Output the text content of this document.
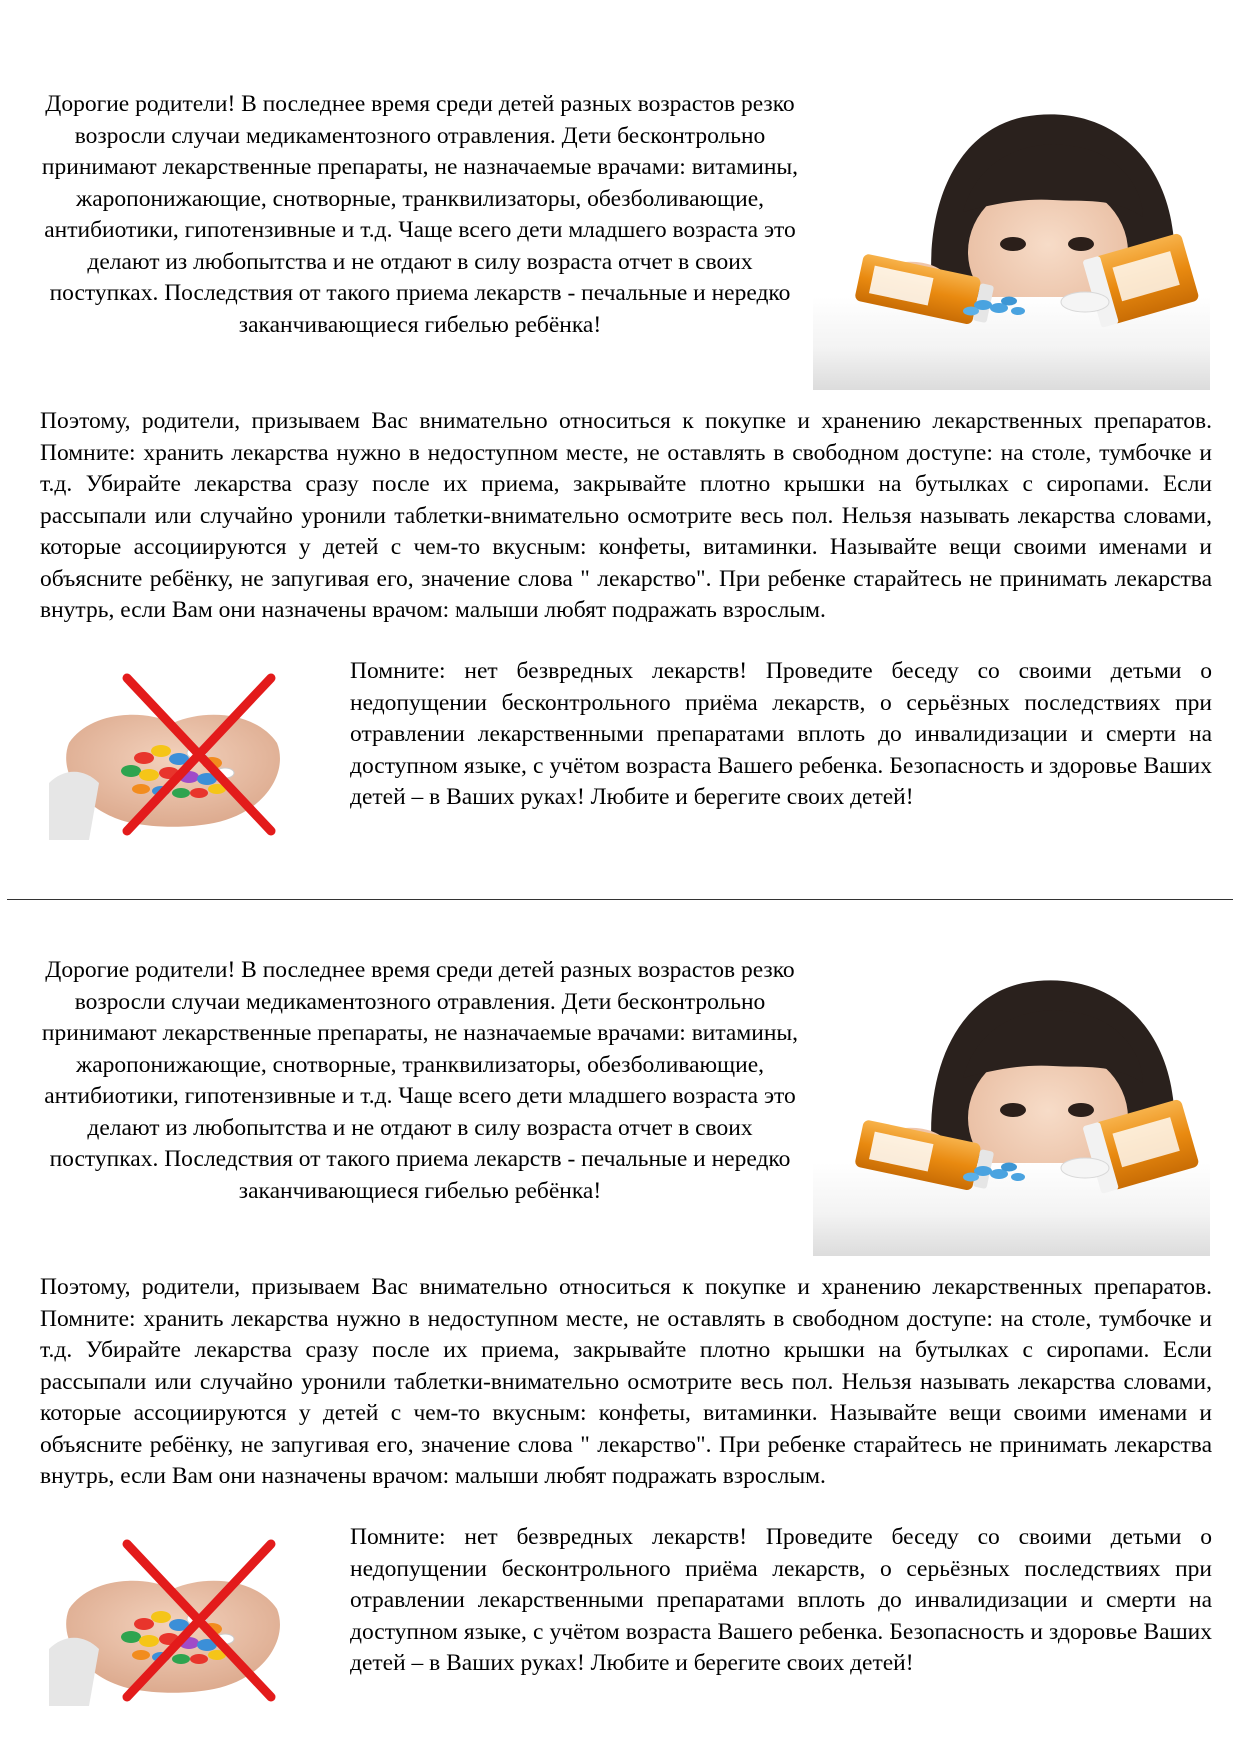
Дорогие родители! В последнее время среди детей разных возрастов резко возросли случаи медикаментозного отравления. Дети бесконтрольно принимают лекарственные препараты, не назначаемые врачами: витамины, жаропонижающие, снотворные, транквилизаторы, обезболивающие, антибиотики, гипотензивные и т.д. Чаще всего дети младшего возраста это делают из любопытства и не отдают в силу возраста отчет в своих поступках. Последствия от такого приема лекарств - печальные и нередко заканчивающиеся гибелью ребёнка!

Поэтому, родители, призываем Вас внимательно относиться к покупке и хранению лекарственных препаратов. Помните: хранить лекарства нужно в недоступном месте, не оставлять в свободном доступе: на столе, тумбочке и т.д. Убирайте лекарства сразу после их приема, закрывайте плотно крышки на бутылках с сиропами. Если рассыпали или случайно уронили таблетки-внимательно осмотрите весь пол. Нельзя называть лекарства словами, которые ассоциируются у детей с чем-то вкусным: конфеты, витаминки. Называйте вещи своими именами и объясните ребёнку, не запугивая его, значение слова " лекарство". При ребенке старайтесь не принимать лекарства внутрь, если Вам они назначены врачом: малыши любят подражать взрослым.

Помните: нет безвредных лекарств! Проведите беседу со своими детьми о недопущении бесконтрольного приёма лекарств, о серьёзных последствиях при отравлении лекарственными препаратами вплоть до инвалидизации и смерти на доступном языке, с учётом возраста Вашего ребенка. Безопасность и здоровье Ваших детей – в Ваших руках! Любите и берегите своих детей!

Дорогие родители! В последнее время среди детей разных возрастов резко возросли случаи медикаментозного отравления. Дети бесконтрольно принимают лекарственные препараты, не назначаемые врачами: витамины, жаропонижающие, снотворные, транквилизаторы, обезболивающие, антибиотики, гипотензивные и т.д. Чаще всего дети младшего возраста это делают из любопытства и не отдают в силу возраста отчет в своих поступках. Последствия от такого приема лекарств - печальные и нередко заканчивающиеся гибелью ребёнка!

Поэтому, родители, призываем Вас внимательно относиться к покупке и хранению лекарственных препаратов. Помните: хранить лекарства нужно в недоступном месте, не оставлять в свободном доступе: на столе, тумбочке и т.д. Убирайте лекарства сразу после их приема, закрывайте плотно крышки на бутылках с сиропами. Если рассыпали или случайно уронили таблетки-внимательно осмотрите весь пол. Нельзя называть лекарства словами, которые ассоциируются у детей с чем-то вкусным: конфеты, витаминки. Называйте вещи своими именами и объясните ребёнку, не запугивая его, значение слова " лекарство". При ребенке старайтесь не принимать лекарства внутрь, если Вам они назначены врачом: малыши любят подражать взрослым.

Помните: нет безвредных лекарств! Проведите беседу со своими детьми о недопущении бесконтрольного приёма лекарств, о серьёзных последствиях при отравлении лекарственными препаратами вплоть до инвалидизации и смерти на доступном языке, с учётом возраста Вашего ребенка. Безопасность и здоровье Ваших детей – в Ваших руках! Любите и берегите своих детей!
